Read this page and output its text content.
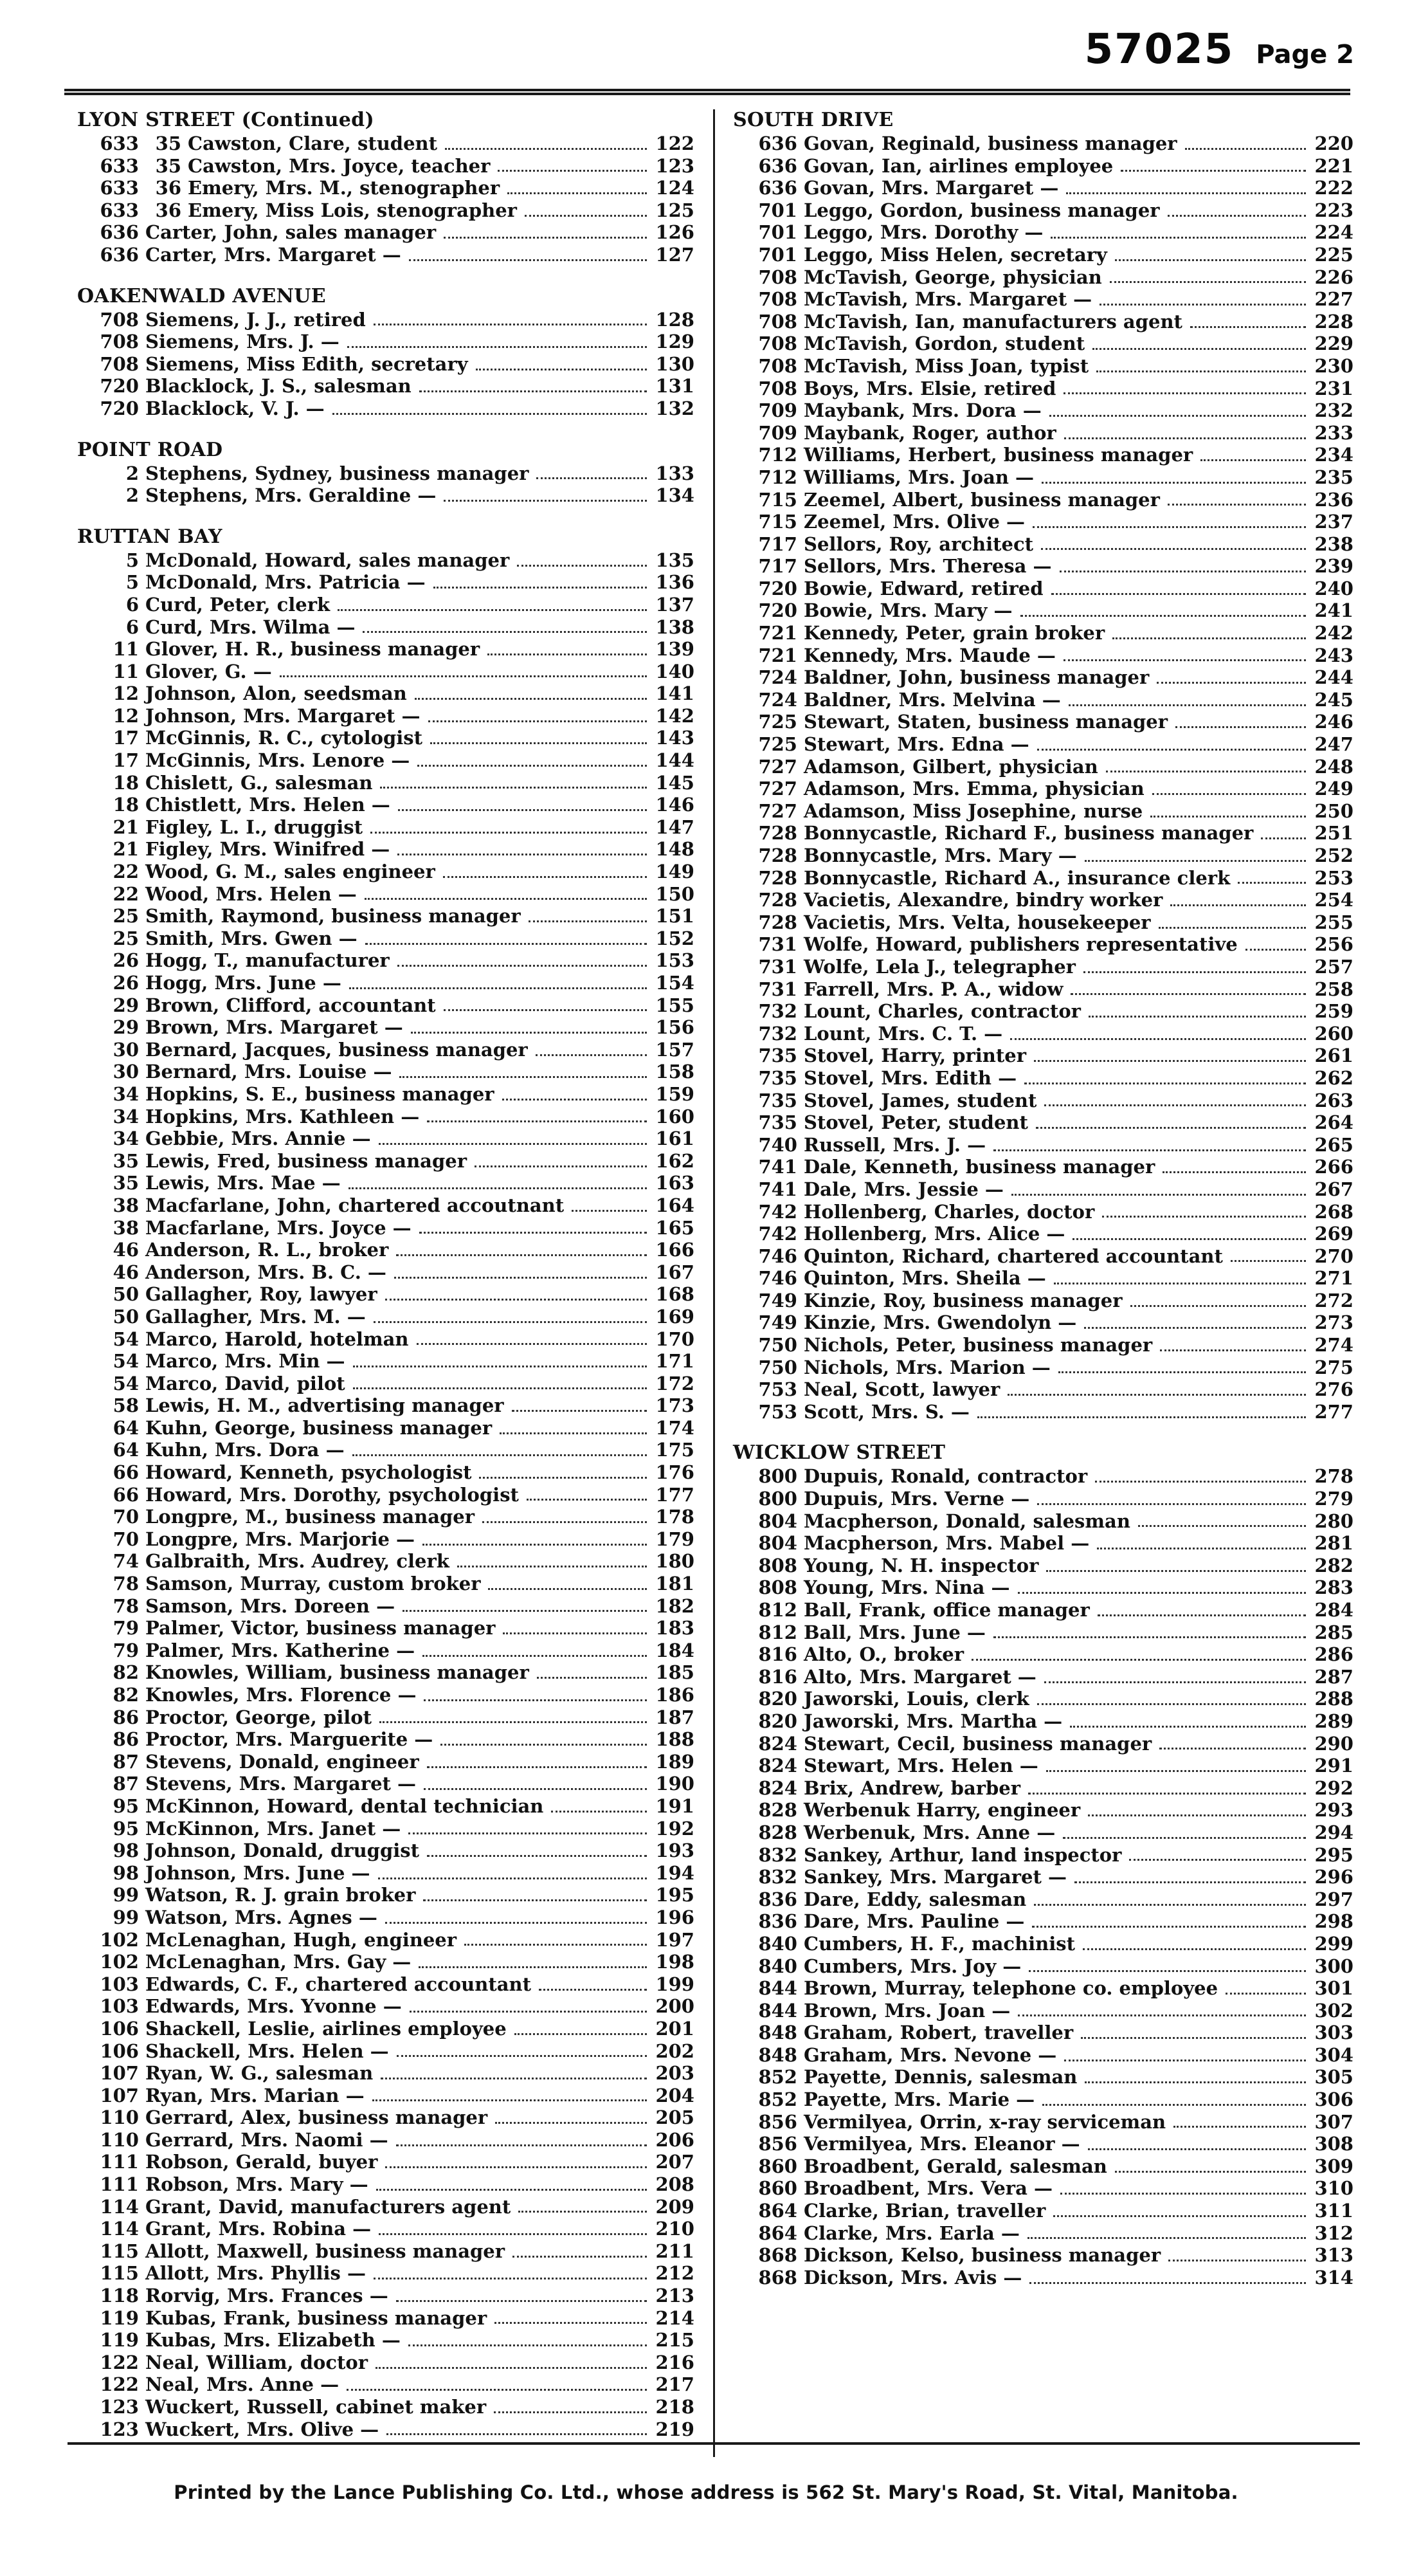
57025 Page 2
LYON STREET (Continued)
633 35 Cawston, Clare, student	122
633 35 Cawston, Mrs. Joyce, teacher	123
633 36 Emery, Mrs. M., stenographer	124
633 36 Emery, Miss Lois, stenographer	125
636 Carter, John, sales manager	126
636 Carter, Mrs. Margaret —	127
OAKENWALD AVENUE
708 Siemens, J. J., retired	128
708 Siemens, Mrs. J. —	129
708 Siemens, Miss Edith, secretary	130
720 Blacklock, J. S., salesman	131
720 Blacklock, V. J. —	132
POINT ROAD
2 Stephens, Sydney, business manager	133
2 Stephens, Mrs. Geraldine —	134
RUTTAN BAY
5 McDonald, Howard, sales manager	135
5 McDonald, Mrs. Patricia —	136
6 Curd, Peter, clerk	137
6 Curd, Mrs. Wilma —	138
11 Glover, H. R., business manager	139
11 Glover, G. —	140
12 Johnson, Alon, seedsman	141
12 Johnson, Mrs. Margaret —	142
17 McGinnis, R. C., cytologist	143
17 McGinnis, Mrs. Lenore —	144
18 Chislett, G., salesman	145
18 Chistlett, Mrs. Helen —	146
21 Figley, L. I., druggist	147
21 Figley, Mrs. Winifred —	148
22 Wood, G. M., sales engineer	149
22 Wood, Mrs. Helen —	150
25 Smith, Raymond, business manager	151
25 Smith, Mrs. Gwen —	152
26 Hogg, T., manufacturer	153
26 Hogg, Mrs. June —	154
29 Brown, Clifford, accountant	155
29 Brown, Mrs. Margaret —	156
30 Bernard, Jacques, business manager	157
30 Bernard, Mrs. Louise —	158
34 Hopkins, S. E., business manager	159
34 Hopkins, Mrs. Kathleen —	160
34 Gebbie, Mrs. Annie —	161
35 Lewis, Fred, business manager	162
35 Lewis, Mrs. Mae —	163
38 Macfarlane, John, chartered accoutnant	164
38 Macfarlane, Mrs. Joyce —	165
46 Anderson, R. L., broker	166
46 Anderson, Mrs. B. C. —	167
50 Gallagher, Roy, lawyer	168
50 Gallagher, Mrs. M. —	169
54 Marco, Harold, hotelman	170
54 Marco, Mrs. Min —	171
54 Marco, David, pilot	172
58 Lewis, H. M., advertising manager	173
64 Kuhn, George, business manager	174
64 Kuhn, Mrs. Dora —	175
66 Howard, Kenneth, psychologist	176
66 Howard, Mrs. Dorothy, psychologist	177
70 Longpre, M., business manager	178
70 Longpre, Mrs. Marjorie —	179
74 Galbraith, Mrs. Audrey, clerk	180
78 Samson, Murray, custom broker	181
78 Samson, Mrs. Doreen —	182
79 Palmer, Victor, business manager	183
79 Palmer, Mrs. Katherine —	184
82 Knowles, William, business manager	185
82 Knowles, Mrs. Florence —	186
86 Proctor, George, pilot	187
86 Proctor, Mrs. Marguerite —	188
87 Stevens, Donald, engineer	189
87 Stevens, Mrs. Margaret —	190
95 McKinnon, Howard, dental technician	191
95 McKinnon, Mrs. Janet —	192
98 Johnson, Donald, druggist	193
98 Johnson, Mrs. June —	194
99 Watson, R. J. grain broker	195
99 Watson, Mrs. Agnes —	196
102 McLenaghan, Hugh, engineer	197
102 McLenaghan, Mrs. Gay —	198
103 Edwards, C. F., chartered accountant	199
103 Edwards, Mrs. Yvonne —	200
106 Shackell, Leslie, airlines employee	201
106 Shackell, Mrs. Helen —	202
107 Ryan, W. G., salesman	203
107 Ryan, Mrs. Marian —	204
110 Gerrard, Alex, business manager	205
110 Gerrard, Mrs. Naomi —	206
111 Robson, Gerald, buyer	207
111 Robson, Mrs. Mary —	208
114 Grant, David, manufacturers agent	209
114 Grant, Mrs. Robina —	210
115 Allott, Maxwell, business manager	211
115 Allott, Mrs. Phyllis —	212
118 Rorvig, Mrs. Frances —	213
119 Kubas, Frank, business manager	214
119 Kubas, Mrs. Elizabeth —	215
122 Neal, William, doctor	216
122 Neal, Mrs. Anne —	217
123 Wuckert, Russell, cabinet maker	218
123 Wuckert, Mrs. Olive —	219
SOUTH DRIVE
636 Govan, Reginald, business manager	220
636 Govan, Ian, airlines employee	221
636 Govan, Mrs. Margaret —	222
701 Leggo, Gordon, business manager	223
701 Leggo, Mrs. Dorothy —	224
701 Leggo, Miss Helen, secretary	225
708 McTavish, George, physician	226
708 McTavish, Mrs. Margaret —	227
708 McTavish, Ian, manufacturers agent	228
708 McTavish, Gordon, student	229
708 McTavish, Miss Joan, typist	230
708 Boys, Mrs. Elsie, retired	231
709 Maybank, Mrs. Dora —	232
709 Maybank, Roger, author	233
712 Williams, Herbert, business manager	234
712 Williams, Mrs. Joan —	235
715 Zeemel, Albert, business manager	236
715 Zeemel, Mrs. Olive —	237
717 Sellors, Roy, architect	238
717 Sellors, Mrs. Theresa —	239
720 Bowie, Edward, retired	240
720 Bowie, Mrs. Mary —	241
721 Kennedy, Peter, grain broker	242
721 Kennedy, Mrs. Maude —	243
724 Baldner, John, business manager	244
724 Baldner, Mrs. Melvina —	245
725 Stewart, Staten, business manager	246
725 Stewart, Mrs. Edna —	247
727 Adamson, Gilbert, physician	248
727 Adamson, Mrs. Emma, physician	249
727 Adamson, Miss Josephine, nurse	250
728 Bonnycastle, Richard F., business manager	251
728 Bonnycastle, Mrs. Mary —	252
728 Bonnycastle, Richard A., insurance clerk	253
728 Vacietis, Alexandre, bindry worker	254
728 Vacietis, Mrs. Velta, housekeeper	255
731 Wolfe, Howard, publishers representative	256
731 Wolfe, Lela J., telegrapher	257
731 Farrell, Mrs. P. A., widow	258
732 Lount, Charles, contractor	259
732 Lount, Mrs. C. T. —	260
735 Stovel, Harry, printer	261
735 Stovel, Mrs. Edith —	262
735 Stovel, James, student	263
735 Stovel, Peter, student	264
740 Russell, Mrs. J. —	265
741 Dale, Kenneth, business manager	266
741 Dale, Mrs. Jessie —	267
742 Hollenberg, Charles, doctor	268
742 Hollenberg, Mrs. Alice —	269
746 Quinton, Richard, chartered accountant	270
746 Quinton, Mrs. Sheila —	271
749 Kinzie, Roy, business manager	272
749 Kinzie, Mrs. Gwendolyn —	273
750 Nichols, Peter, business manager	274
750 Nichols, Mrs. Marion —	275
753 Neal, Scott, lawyer	276
753 Scott, Mrs. S. —	277
WICKLOW STREET
800 Dupuis, Ronald, contractor	278
800 Dupuis, Mrs. Verne —	279
804 Macpherson, Donald, salesman	280
804 Macpherson, Mrs. Mabel —	281
808 Young, N. H. inspector	282
808 Young, Mrs. Nina —	283
812 Ball, Frank, office manager	284
812 Ball, Mrs. June —	285
816 Alto, O., broker	286
816 Alto, Mrs. Margaret —	287
820 Jaworski, Louis, clerk	288
820 Jaworski, Mrs. Martha —	289
824 Stewart, Cecil, business manager	290
824 Stewart, Mrs. Helen —	291
824 Brix, Andrew, barber	292
828 Werbenuk Harry, engineer	293
828 Werbenuk, Mrs. Anne —	294
832 Sankey, Arthur, land inspector	295
832 Sankey, Mrs. Margaret —	296
836 Dare, Eddy, salesman	297
836 Dare, Mrs. Pauline —	298
840 Cumbers, H. F., machinist	299
840 Cumbers, Mrs. Joy —	300
844 Brown, Murray, telephone co. employee	301
844 Brown, Mrs. Joan —	302
848 Graham, Robert, traveller	303
848 Graham, Mrs. Nevone —	304
852 Payette, Dennis, salesman	305
852 Payette, Mrs. Marie —	306
856 Vermilyea, Orrin, x-ray serviceman	307
856 Vermilyea, Mrs. Eleanor —	308
860 Broadbent, Gerald, salesman	309
860 Broadbent, Mrs. Vera —	310
864 Clarke, Brian, traveller	311
864 Clarke, Mrs. Earla —	312
868 Dickson, Kelso, business manager	313
868 Dickson, Mrs. Avis —	314
Printed by the Lance Publishing Co. Ltd., whose address is 562 St. Mary's Road, St. Vital, Manitoba.
